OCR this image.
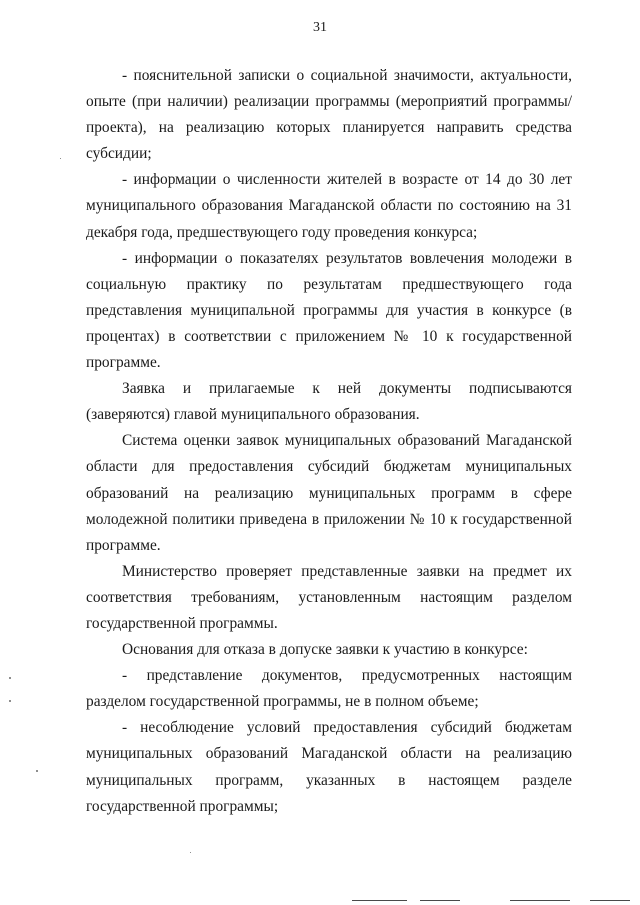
31

- пояснительной записки о социальной значимости, актуальности, опыте (при наличии) реализации программы (мероприятий программы/проекта), на реализацию которых планируется направить средства субсидии;

- информации о численности жителей в возрасте от 14 до 30 лет муниципального образования Магаданской области по состоянию на 31 декабря года, предшествующего году проведения конкурса;

- информации о показателях результатов вовлечения молодежи в социальную практику по результатам предшествующего года представления муниципальной программы для участия в конкурсе (в процентах) в соответствии с приложением № 10 к государственной программе.

Заявка и прилагаемые к ней документы подписываются (заверяются) главой муниципального образования.

Система оценки заявок муниципальных образований Магаданской области для предоставления субсидий бюджетам муниципальных образований на реализацию муниципальных программ в сфере молодежной политики приведена в приложении № 10 к государственной программе.

Министерство проверяет представленные заявки на предмет их соответствия требованиям, установленным настоящим разделом государственной программы.

Основания для отказа в допуске заявки к участию в конкурсе:

- представление документов, предусмотренных настоящим разделом государственной программы, не в полном объеме;

- несоблюдение условий предоставления субсидий бюджетам муниципальных образований Магаданской области на реализацию муниципальных программ, указанных в настоящем разделе государственной программы;
